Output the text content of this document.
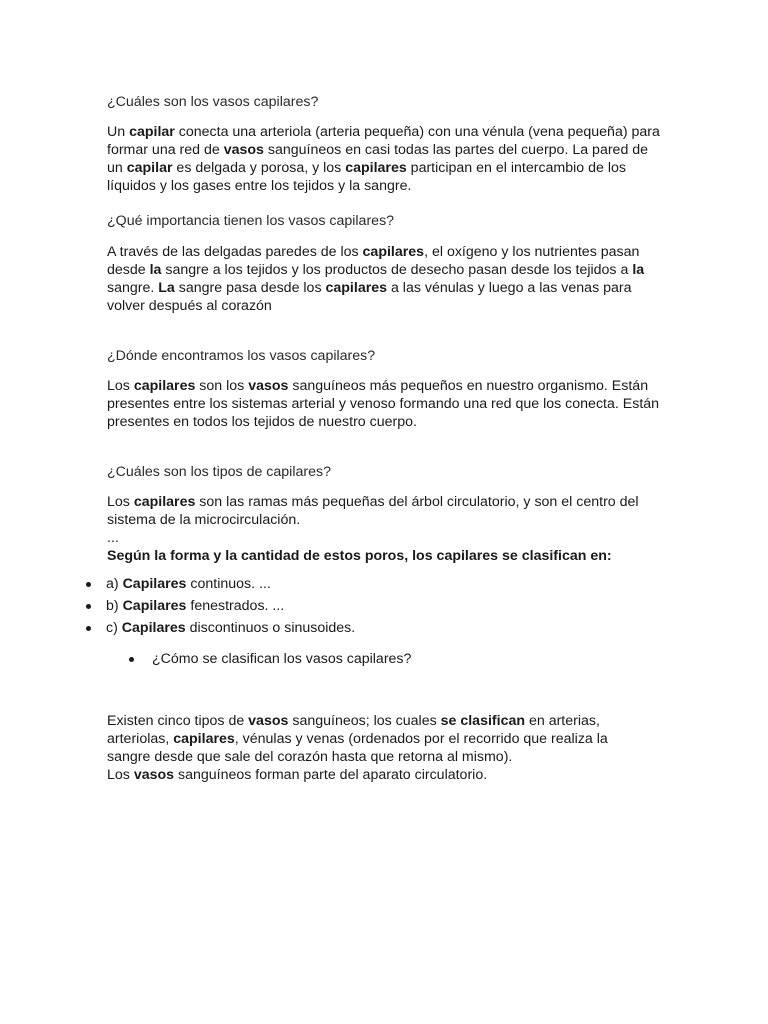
¿Cuáles son los vasos capilares?

Un capilar conecta una arteriola (arteria pequeña) con una vénula (vena pequeña) para formar una red de vasos sanguíneos en casi todas las partes del cuerpo. La pared de un capilar es delgada y porosa, y los capilares participan en el intercambio de los líquidos y los gases entre los tejidos y la sangre.

¿Qué importancia tienen los vasos capilares?

A través de las delgadas paredes de los capilares, el oxígeno y los nutrientes pasan desde la sangre a los tejidos y los productos de desecho pasan desde los tejidos a la sangre. La sangre pasa desde los capilares a las vénulas y luego a las venas para volver después al corazón

¿Dónde encontramos los vasos capilares?

Los capilares son los vasos sanguíneos más pequeños en nuestro organismo. Están presentes entre los sistemas arterial y venoso formando una red que los conecta. Están presentes en todos los tejidos de nuestro cuerpo.

¿Cuáles son los tipos de capilares?

Los capilares son las ramas más pequeñas del árbol circulatorio, y son el centro del sistema de la microcirculación.

...

Según la forma y la cantidad de estos poros, los capilares se clasifican en:

a) Capilares continuos. ...
b) Capilares fenestrados. ...
c) Capilares discontinuos o sinusoides.
¿Cómo se clasifican los vasos capilares?

Existen cinco tipos de vasos sanguíneos; los cuales se clasifican en arterias, arteriolas, capilares, vénulas y venas (ordenados por el recorrido que realiza la sangre desde que sale del corazón hasta que retorna al mismo).
Los vasos sanguíneos forman parte del aparato circulatorio.
